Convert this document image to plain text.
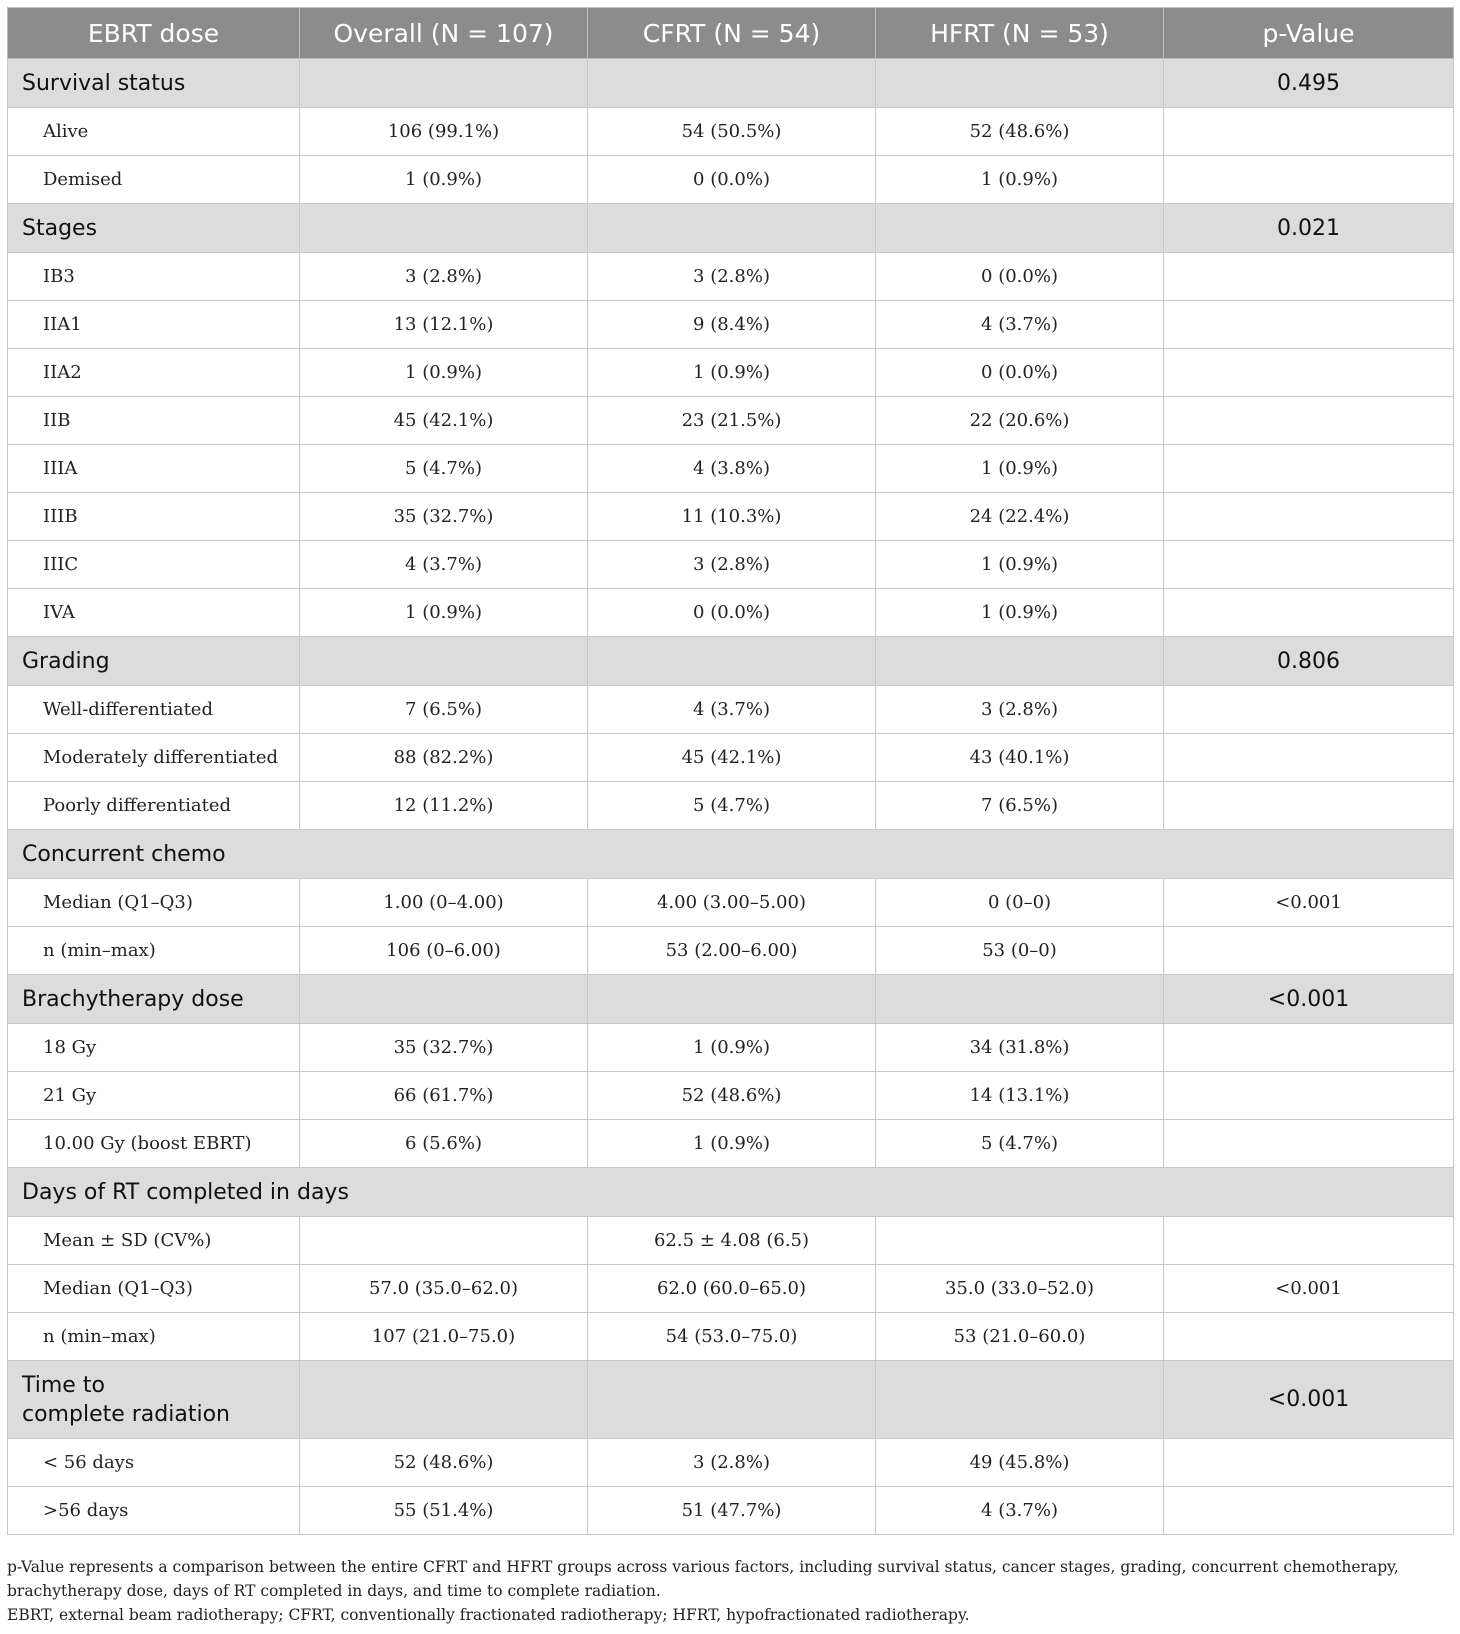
EBRT dose	Overall (N = 107)	CFRT (N = 54)	HFRT (N = 53)	p-Value
Survival status				0.495
Alive	106 (99.1%)	54 (50.5%)	52 (48.6%)	
Demised	1 (0.9%)	0 (0.0%)	1 (0.9%)	
Stages				0.021
IB3	3 (2.8%)	3 (2.8%)	0 (0.0%)	
IIA1	13 (12.1%)	9 (8.4%)	4 (3.7%)	
IIA2	1 (0.9%)	1 (0.9%)	0 (0.0%)	
IIB	45 (42.1%)	23 (21.5%)	22 (20.6%)	
IIIA	5 (4.7%)	4 (3.8%)	1 (0.9%)	
IIIB	35 (32.7%)	11 (10.3%)	24 (22.4%)	
IIIC	4 (3.7%)	3 (2.8%)	1 (0.9%)	
IVA	1 (0.9%)	0 (0.0%)	1 (0.9%)	
Grading				0.806
Well-differentiated	7 (6.5%)	4 (3.7%)	3 (2.8%)	
Moderately differentiated	88 (82.2%)	45 (42.1%)	43 (40.1%)	
Poorly differentiated	12 (11.2%)	5 (4.7%)	7 (6.5%)	
Concurrent chemo				
Median (Q1–Q3)	1.00 (0–4.00)	4.00 (3.00–5.00)	0 (0–0)	<0.001
n (min–max)	106 (0–6.00)	53 (2.00–6.00)	53 (0–0)	
Brachytherapy dose				<0.001
18 Gy	35 (32.7%)	1 (0.9%)	34 (31.8%)	
21 Gy	66 (61.7%)	52 (48.6%)	14 (13.1%)	
10.00 Gy (boost EBRT)	6 (5.6%)	1 (0.9%)	5 (4.7%)	
Days of RT completed in days				
Mean ± SD (CV%)		62.5 ± 4.08 (6.5)		
Median (Q1–Q3)	57.0 (35.0–62.0)	62.0 (60.0–65.0)	35.0 (33.0–52.0)	<0.001
n (min–max)	107 (21.0–75.0)	54 (53.0–75.0)	53 (21.0–60.0)	

Time to
complete radiation				<0.001
< 56 days	52 (48.6%)	3 (2.8%)	49 (45.8%)	
>56 days	55 (51.4%)	51 (47.7%)	4 (3.7%)	

p-Value represents a comparison between the entire CFRT and HFRT groups across various factors, including survival status, cancer stages, grading, concurrent chemotherapy, brachytherapy dose, days of RT completed in days, and time to complete radiation.

EBRT, external beam radiotherapy; CFRT, conventionally fractionated radiotherapy; HFRT, hypofractionated radiotherapy.
